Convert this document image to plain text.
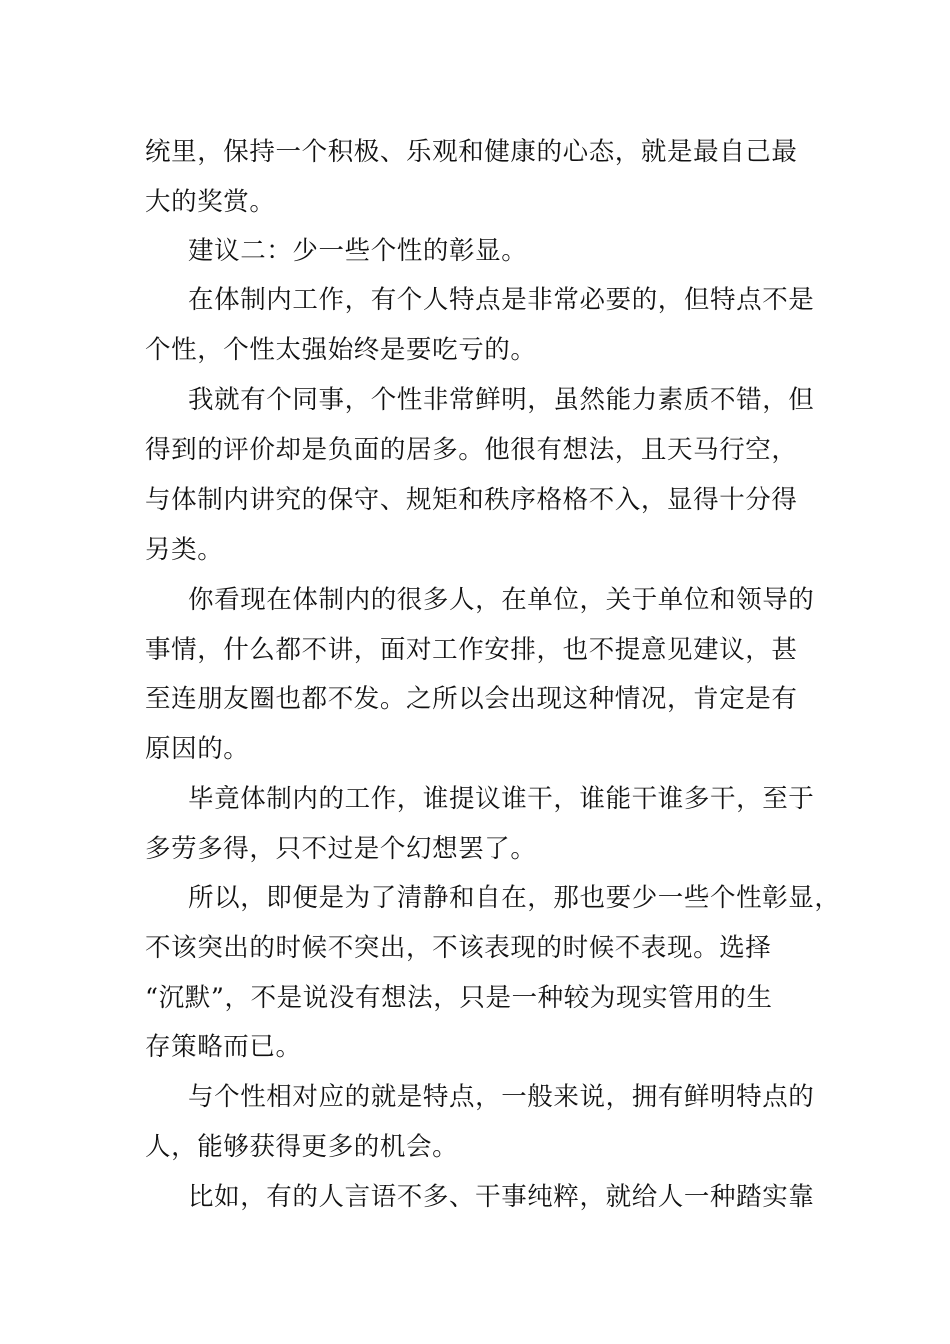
统里，保持一个积极、乐观和健康的心态，就是最自己最
大的奖赏。
建议二：少一些个性的彰显。
在体制内工作，有个人特点是非常必要的，但特点不是
个性，个性太强始终是要吃亏的。
我就有个同事，个性非常鲜明，虽然能力素质不错，但
得到的评价却是负面的居多。他很有想法，且天马行空，
与体制内讲究的保守、规矩和秩序格格不入，显得十分得
另类。
你看现在体制内的很多人，在单位，关于单位和领导的
事情，什么都不讲，面对工作安排，也不提意见建议，甚
至连朋友圈也都不发。之所以会出现这种情况，肯定是有
原因的。
毕竟体制内的工作，谁提议谁干，谁能干谁多干，至于
多劳多得，只不过是个幻想罢了。
所以，即便是为了清静和自在，那也要少一些个性彰显，
不该突出的时候不突出，不该表现的时候不表现。选择
“沉默”，不是说没有想法，只是一种较为现实管用的生
存策略而已。
与个性相对应的就是特点，一般来说，拥有鲜明特点的
人，能够获得更多的机会。
比如，有的人言语不多、干事纯粹，就给人一种踏实靠
